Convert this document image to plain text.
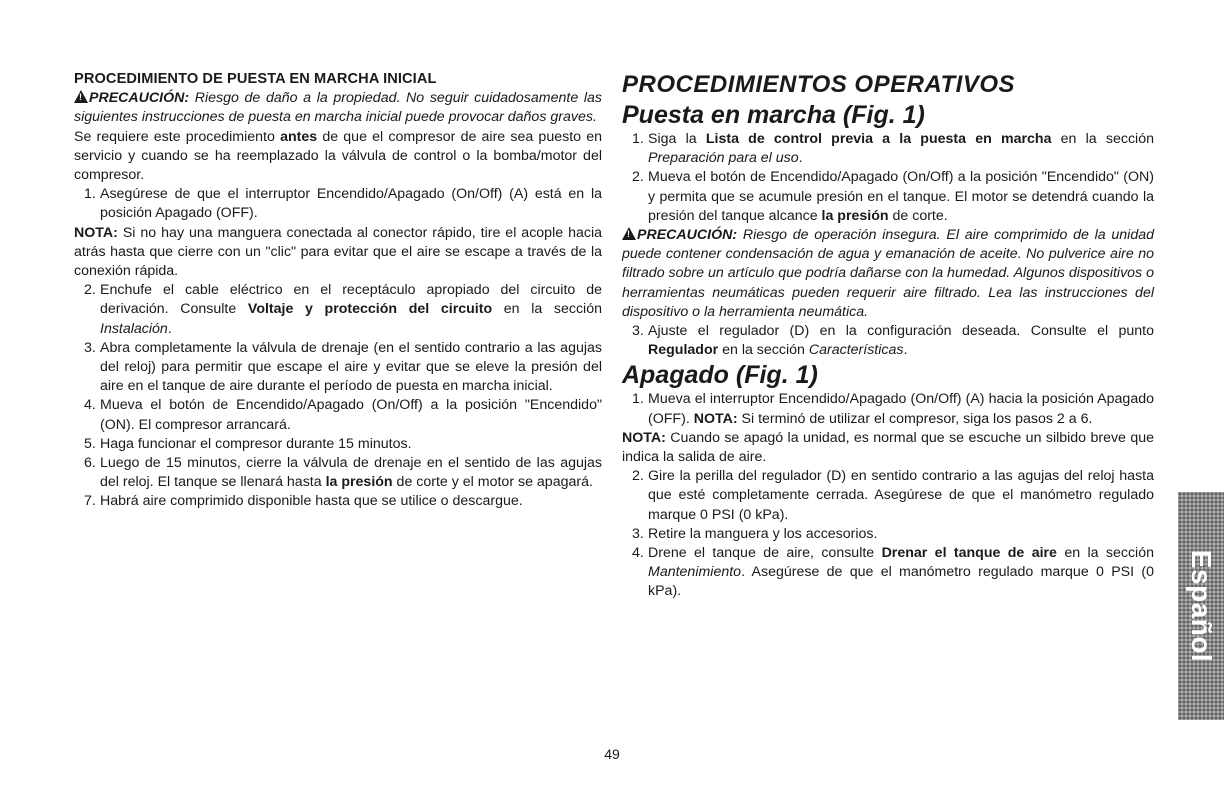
PROCEDIMIENTO DE PUESTA EN MARCHA INICIAL

!PRECAUCIÓN: Riesgo de daño a la propiedad. No seguir cuidadosamente las siguientes instrucciones de puesta en marcha inicial puede provocar daños graves.

Se requiere este procedimiento antes de que el compresor de aire sea puesto en servicio y cuando se ha reemplazado la válvula de control o la bomba/motor del compresor.

1. Asegúrese de que el interruptor Encendido/Apagado (On/Off) (A) está en la posición Apagado (OFF).

NOTA: Si no hay una manguera conectada al conector rápido, tire el acople hacia atrás hasta que cierre con un "clic" para evitar que el aire se escape a través de la conexión rápida.

2. Enchufe el cable eléctrico en el receptáculo apropiado del circuito de derivación. Consulte Voltaje y protección del circuito en la sección Instalación.
3. Abra completamente la válvula de drenaje (en el sentido contrario a las agujas del reloj) para permitir que escape el aire y evitar que se eleve la presión del aire en el tanque de aire durante el período de puesta en marcha inicial.
4. Mueva el botón de Encendido/Apagado (On/Off) a la posición "Encendido" (ON). El compresor arrancará.
5. Haga funcionar el compresor durante 15 minutos.
6. Luego de 15 minutos, cierre la válvula de drenaje en el sentido de las agujas del reloj. El tanque se llenará hasta la presión de corte y el motor se apagará.
7. Habrá aire comprimido disponible hasta que se utilice o descargue.

PROCEDIMIENTOS OPERATIVOS

Puesta en marcha (Fig. 1)

1. Siga la Lista de control previa a la puesta en marcha en la sección Preparación para el uso.
2. Mueva el botón de Encendido/Apagado (On/Off) a la posición "Encendido" (ON) y permita que se acumule presión en el tanque. El motor se detendrá cuando la presión del tanque alcance la presión de corte.

!PRECAUCIÓN: Riesgo de operación insegura. El aire comprimido de la unidad puede contener condensación de agua y emanación de aceite. No pulverice aire no filtrado sobre un artículo que podría dañarse con la humedad. Algunos dispositivos o herramientas neumáticas pueden requerir aire filtrado. Lea las instrucciones del dispositivo o la herramienta neumática.

3. Ajuste el regulador (D) en la configuración deseada. Consulte el punto Regulador en la sección Características.

Apagado (Fig. 1)

1. Mueva el interruptor Encendido/Apagado (On/Off) (A) hacia la posición Apagado (OFF). NOTA: Si terminó de utilizar el compresor, siga los pasos 2 a 6.

NOTA: Cuando se apagó la unidad, es normal que se escuche un silbido breve que indica la salida de aire.

2. Gire la perilla del regulador (D) en sentido contrario a las agujas del reloj hasta que esté completamente cerrada. Asegúrese de que el manómetro regulado marque 0 PSI (0 kPa).
3. Retire la manguera y los accesorios.
4. Drene el tanque de aire, consulte Drenar el tanque de aire en la sección Mantenimiento. Asegúrese de que el manómetro regulado marque 0 PSI (0 kPa).
49
Español
